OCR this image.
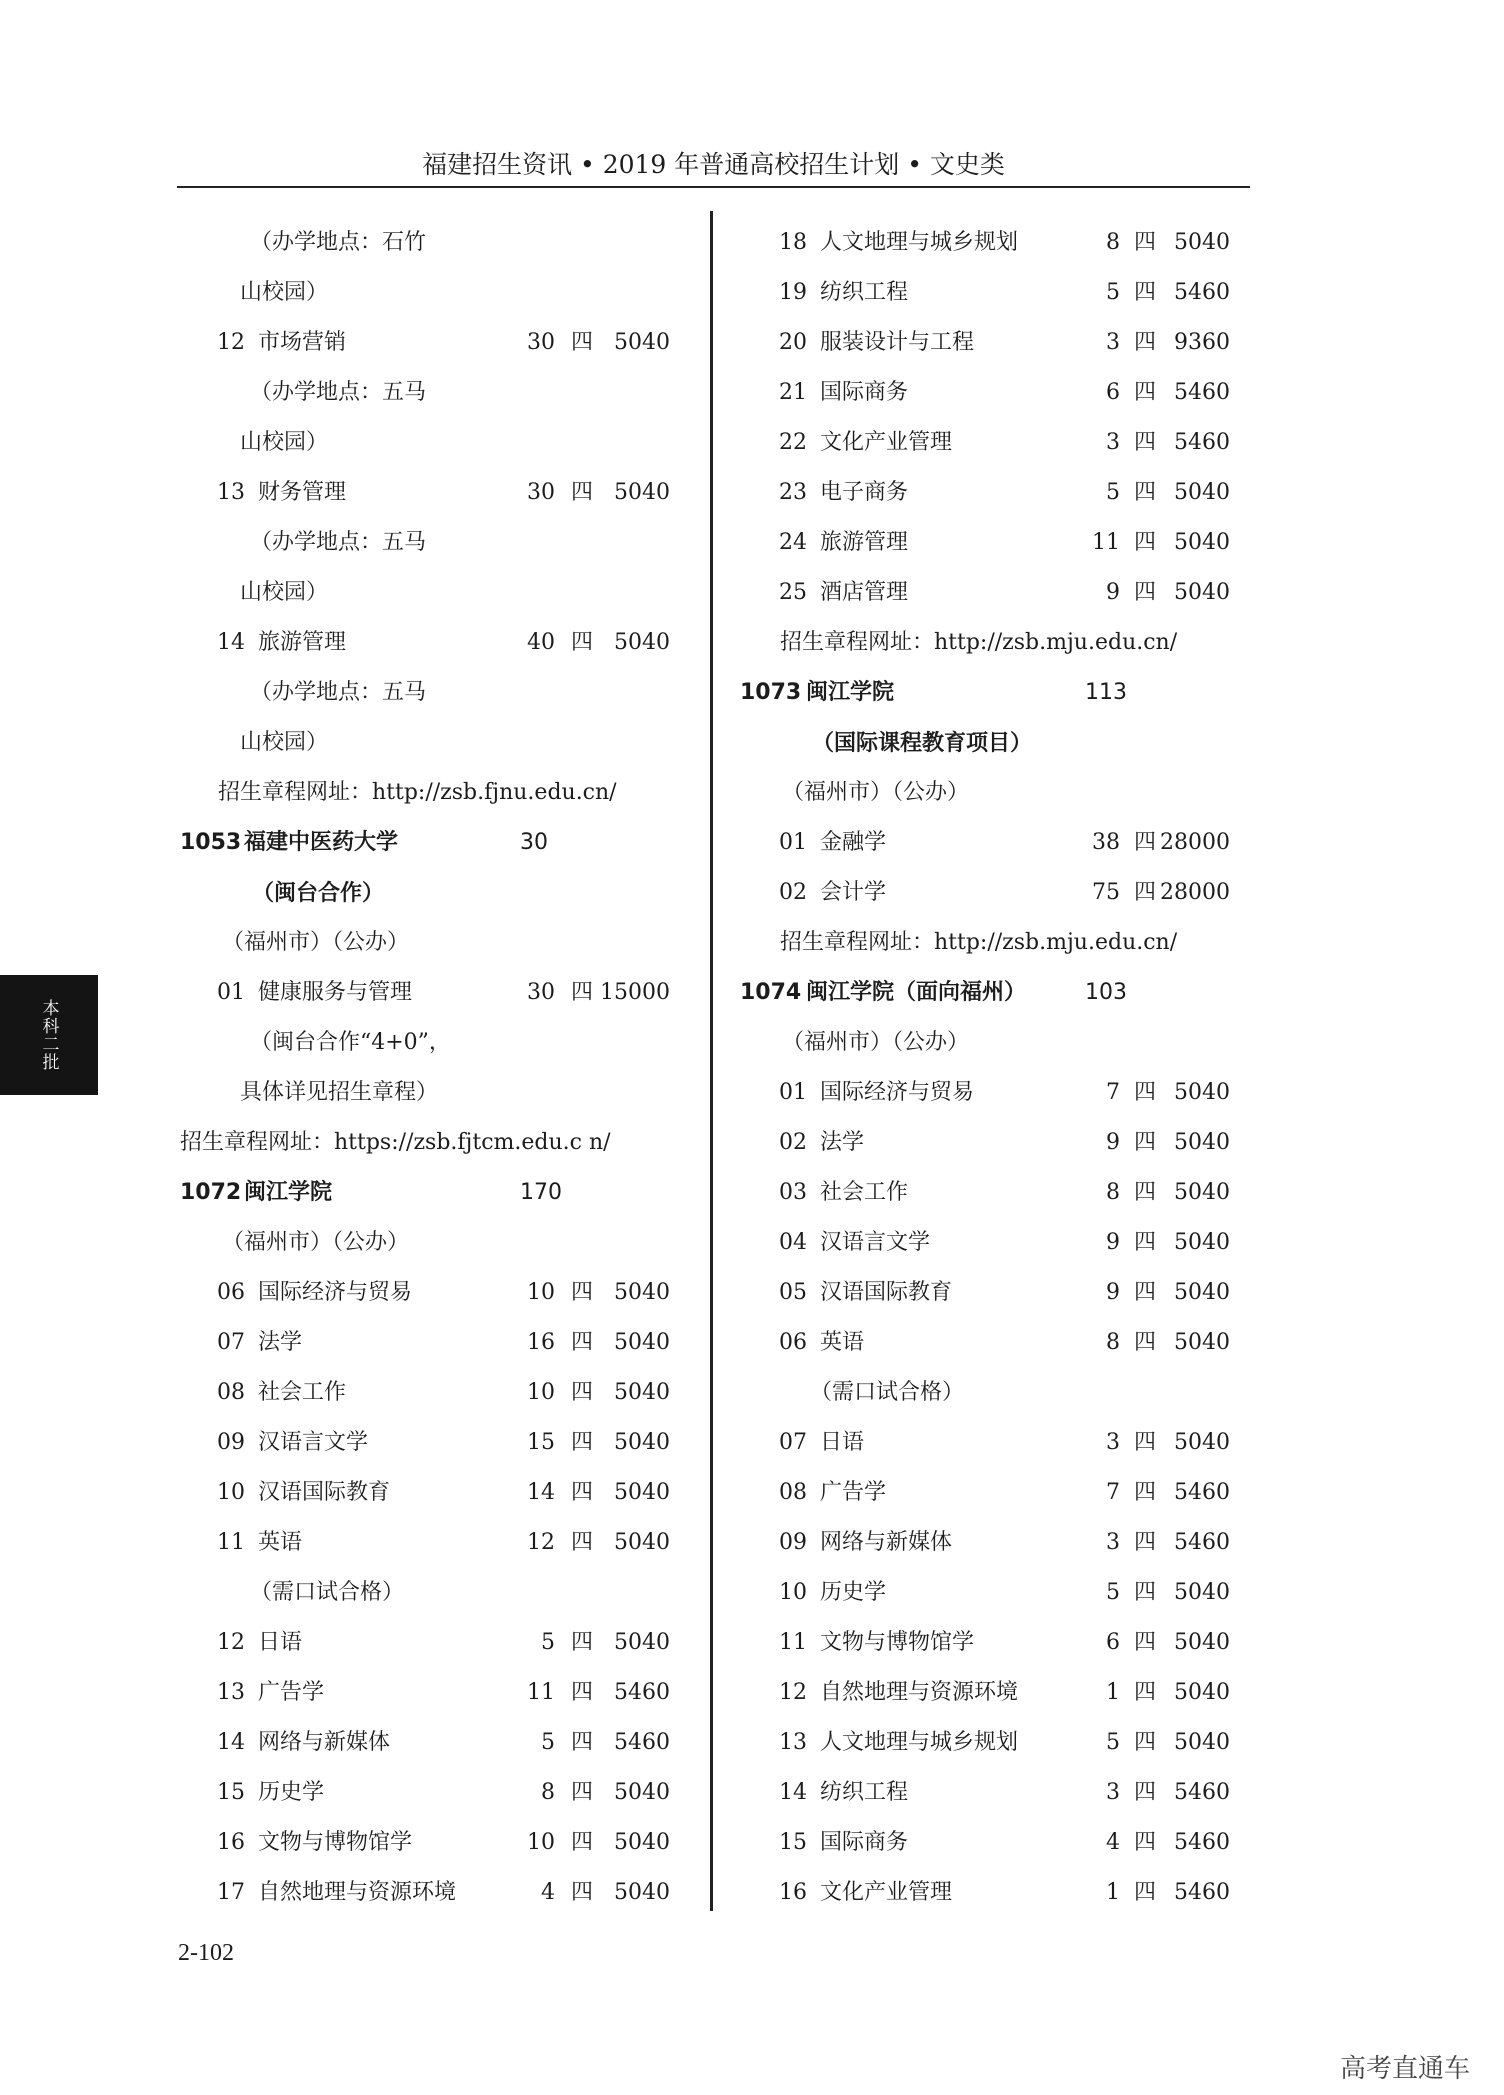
福建招生资讯 • 2019 年普通高校招生计划 • 文史类
（办学地点：石竹
山校园）
12 市场营销	30 四 5040
（办学地点：五马
山校园）
13 财务管理	30 四 5040
（办学地点：五马
山校园）
14 旅游管理	40 四 5040
（办学地点：五马
山校园）
招生章程网址：http://zsb.fjnu.edu.cn/
1053 福建中医药大学	30
（闽台合作）
（福州市）（公办）
01 健康服务与管理	30 四 15000
（闽台合作“4+0”，
具体详见招生章程）
招生章程网址：https://zsb.fjtcm.edu.c n/
1072 闽江学院	170
（福州市）（公办）
06 国际经济与贸易	10 四 5040
07 法学	16 四 5040
08 社会工作	10 四 5040
09 汉语言文学	15 四 5040
10 汉语国际教育	14 四 5040
11 英语	12 四 5040
（需口试合格）
12 日语	5 四 5040
13 广告学	11 四 5460
14 网络与新媒体	5 四 5460
15 历史学	8 四 5040
16 文物与博物馆学	10 四 5040
17 自然地理与资源环境	4 四 5040
18 人文地理与城乡规划	8 四 5040
19 纺织工程	5 四 5460
20 服装设计与工程	3 四 9360
21 国际商务	6 四 5460
22 文化产业管理	3 四 5460
23 电子商务	5 四 5040
24 旅游管理	11 四 5040
25 酒店管理	9 四 5040
招生章程网址：http://zsb.mju.edu.cn/
1073 闽江学院	113
（国际课程教育项目）
（福州市）（公办）
01 金融学	38 四 28000
02 会计学	75 四 28000
招生章程网址：http://zsb.mju.edu.cn/
1074 闽江学院（面向福州）	103
（福州市）（公办）
01 国际经济与贸易	7 四 5040
02 法学	9 四 5040
03 社会工作	8 四 5040
04 汉语言文学	9 四 5040
05 汉语国际教育	9 四 5040
06 英语	8 四 5040
（需口试合格）
07 日语	3 四 5040
08 广告学	7 四 5460
09 网络与新媒体	3 四 5460
10 历史学	5 四 5040
11 文物与博物馆学	6 四 5040
12 自然地理与资源环境	1 四 5040
13 人文地理与城乡规划	5 四 5040
14 纺织工程	3 四 5460
15 国际商务	4 四 5460
16 文化产业管理	1 四 5460
本科二批
2-102
高考直通车
